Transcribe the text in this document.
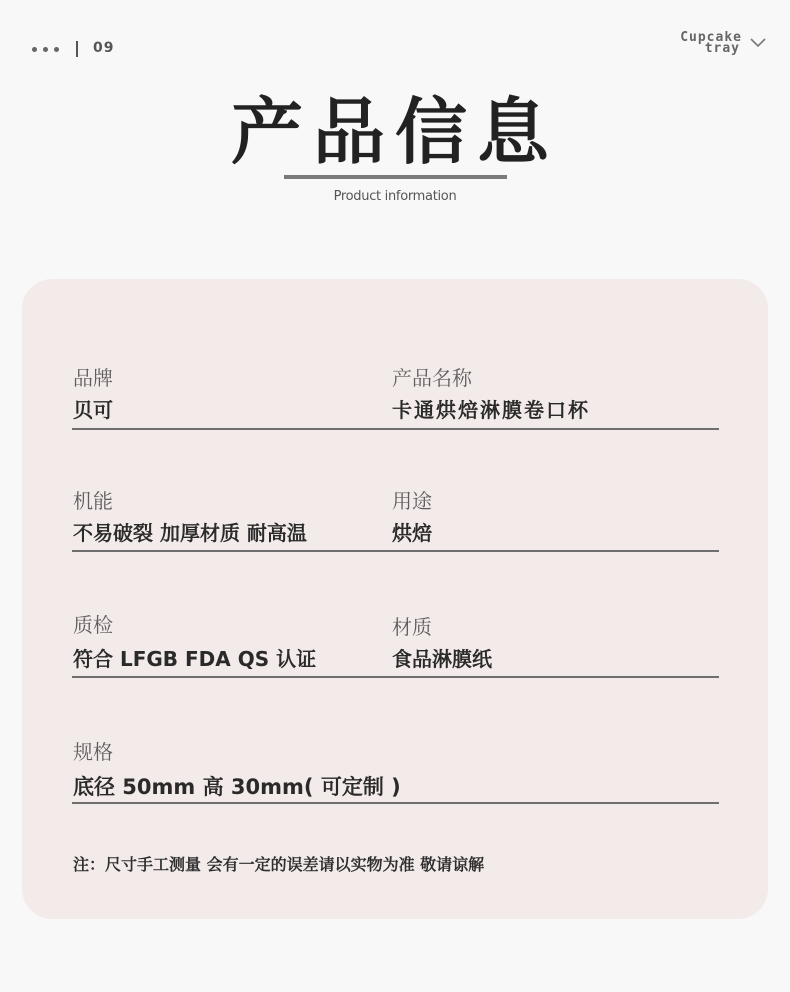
09
Cupcake
tray
产品信息
Product information
品牌
贝可
产品名称
卡通烘焙淋膜卷口杯
机能
不易破裂 加厚材质 耐高温
用途
烘焙
质检
符合 LFGB FDA QS 认证
材质
食品淋膜纸
规格
底径 50mm 高 30mm( 可定制 )
注：尺寸手工测量 会有一定的误差请以实物为准 敬请谅解
